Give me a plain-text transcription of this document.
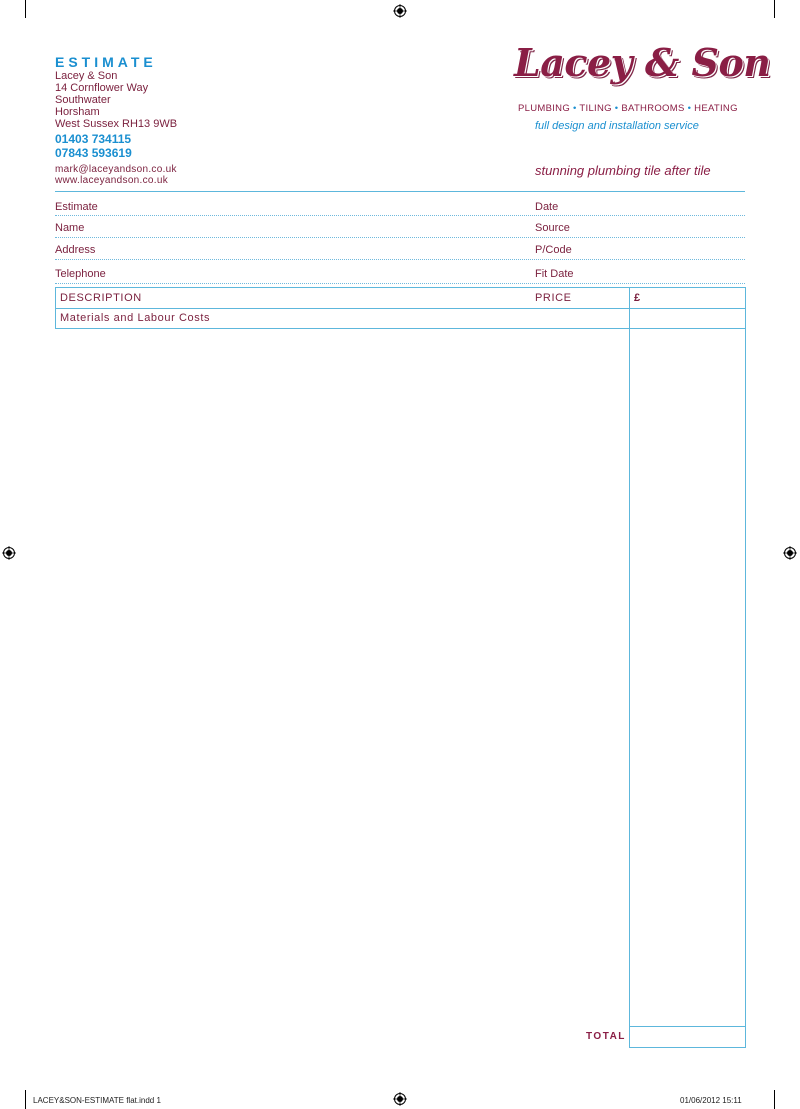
ESTIMATE
Lacey & Son
14 Cornflower Way
Southwater
Horsham
West Sussex RH13 9WB
01403 734115
07843 593619
mark@laceyandson.co.uk
www.laceyandson.co.uk
Lacey & Son
PLUMBING • TILING • BATHROOMS • HEATING
full design and installation service
stunning plumbing tile after tile
Estimate	Date
Name	Source
Address	P/Code
Telephone	Fit Date
DESCRIPTION	PRICE	£
Materials and Labour Costs
TOTAL
LACEY&SON-ESTIMATE flat.indd 1	01/06/2012 15:11
